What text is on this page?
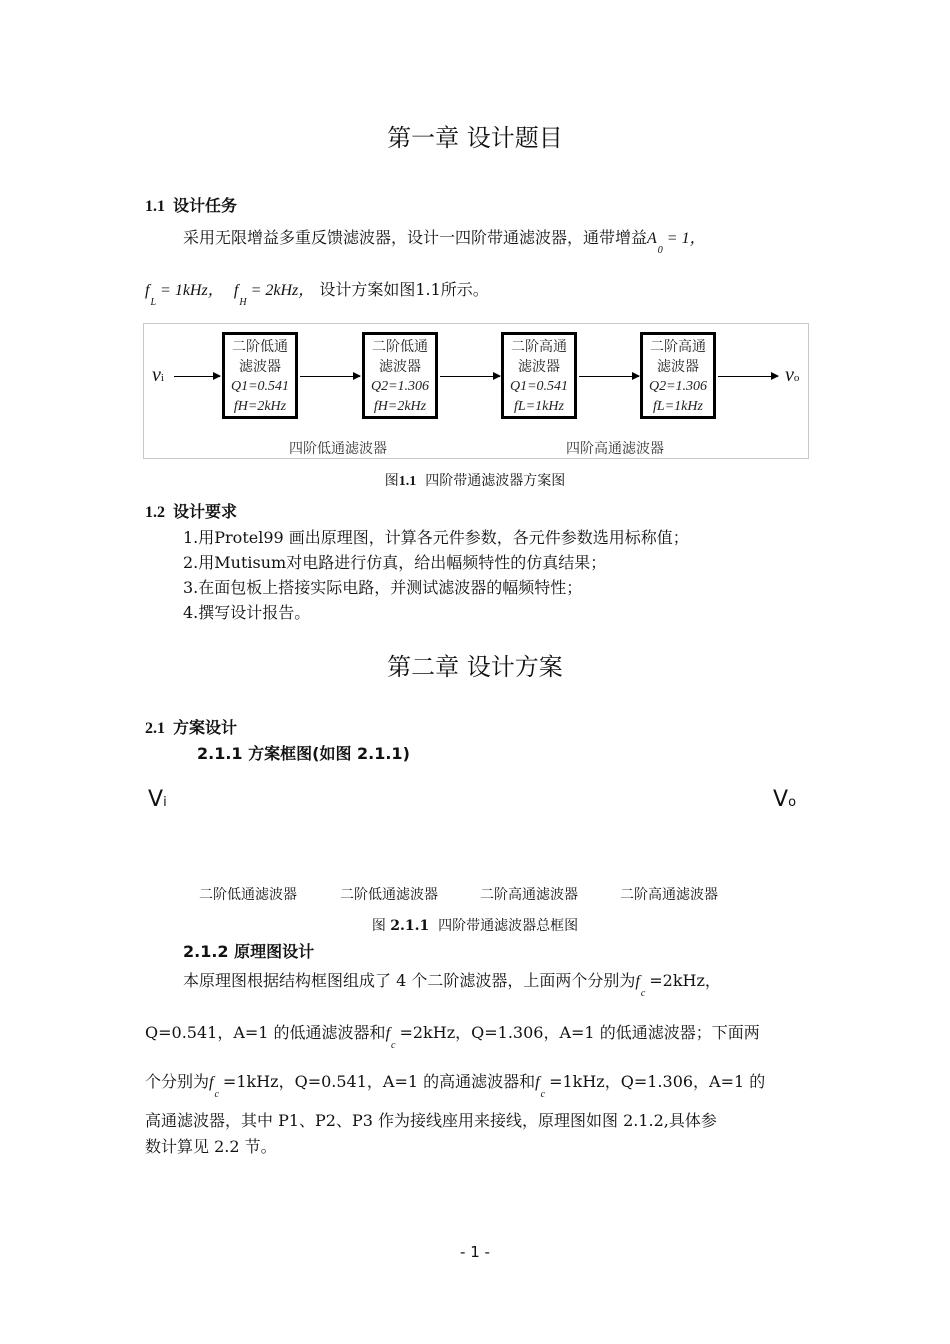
第一章 设计题目
1.1 设计任务
采用无限增益多重反馈滤波器，设计一四阶带通滤波器，通带增益$A_0= 1$，
$f_L= 1kHz$， $f_H= 2kHz$， 设计方案如图1.1所示。
vi
二阶低通
滤波器
Q1=0.541
fH=2kHz
二阶低通
滤波器
Q2=1.306
fH=2kHz
二阶高通
滤波器
Q1=0.541
fL=1kHz
二阶高通
滤波器
Q2=1.306
fL=1kHz
vo
四阶低通滤波器	四阶高通滤波器
图1.1 四阶带通滤波器方案图
1.2 设计要求
1.用Protel99 画出原理图，计算各元件参数，各元件参数选用标称值；
2.用Mutisum对电路进行仿真，给出幅频特性的仿真结果；
3.在面包板上搭接实际电路，并测试滤波器的幅频特性；
4.撰写设计报告。
第二章 设计方案
2.1 方案设计
2.1.1 方案框图(如图 2.1.1)
Vi	Vo
二阶低通滤波器	二阶低通滤波器	二阶高通滤波器	二阶高通滤波器
图 2.1.1 四阶带通滤波器总框图
2.1.2 原理图设计
本原理图根据结构框图组成了 4 个二阶滤波器，上面两个分别为$f_c=2kHz$，
Q=0.541，A=1 的低通滤波器和$f_c=2kHz$，Q=1.306，A=1 的低通滤波器；下面两
个分别为$f_c=1kHz$，Q=0.541，A=1 的高通滤波器和$f_c=1kHz$，Q=1.306，A=1 的
高通滤波器，其中 P1、P2、P3 作为接线座用来接线，原理图如图 2.1.2,具体参
数计算见 2.2 节。
- 1 -
